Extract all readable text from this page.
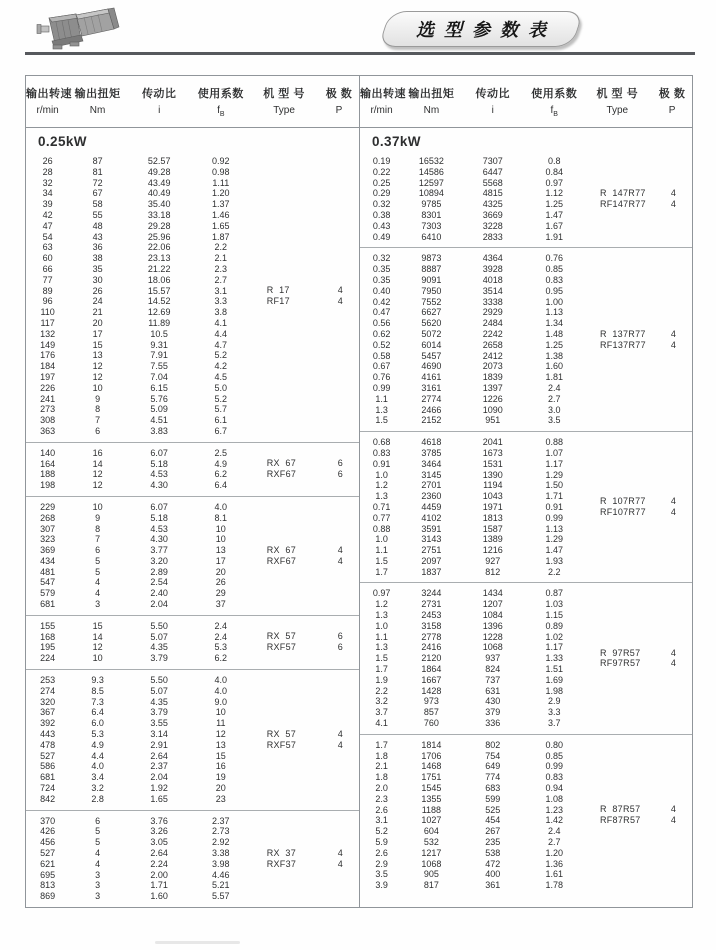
选型参数表
输出转速 输出扭矩	传动比	使用系数	机 型 号	极 数
r/min	Nm	i	$f_B$	Type	P
输出转速 输出扭矩	传动比	使用系数	机 型 号	极 数
r/min	Nm	i	$f_B$	Type	P
0.25kW
26	87	52.57	0.92
28	81	49.28	0.98
32	72	43.49	1.11
34	67	40.49	1.20
39	58	35.40	1.37
42	55	33.18	1.46
47	48	29.28	1.65
54	43	25.96	1.87
63	36	22.06	2.2
60	38	23.13	2.1
66	35	21.22	2.3
77	30	18.06	2.7
89	26	15.57	3.1
96	24	14.52	3.3
110	21	12.69	3.8
117	20	11.89	4.1
132	17	10.5	4.4
149	15	9.31	4.7
176	13	7.91	5.2
184	12	7.55	4.2
197	12	7.04	4.5
226	10	6.15	5.0
241	9	5.76	5.2
273	8	5.09	5.7
308	7	4.51	6.1
363	6	3.83	6.7
R  17	4
RF17	4
140	16	6.07	2.5
164	14	5.18	4.9
188	12	4.53	6.2
198	12	4.30	6.4
RX  67	6
RXF67	6
229	10	6.07	4.0
268	9	5.18	8.1
307	8	4.53	10
323	7	4.30	10
369	6	3.77	13
434	5	3.20	17
481	5	2.89	20
547	4	2.54	26
579	4	2.40	29
681	3	2.04	37
RX  67	4
RXF67	4
155	15	5.50	2.4
168	14	5.07	2.4
195	12	4.35	5.3
224	10	3.79	6.2
RX  57	6
RXF57	6
253	9.3	5.50	4.0
274	8.5	5.07	4.0
320	7.3	4.35	9.0
367	6.4	3.79	10
392	6.0	3.55	11
443	5.3	3.14	12
478	4.9	2.91	13
527	4.4	2.64	15
586	4.0	2.37	16
681	3.4	2.04	19
724	3.2	1.92	20
842	2.8	1.65	23
RX  57	4
RXF57	4
370	6	3.76	2.37
426	5	3.26	2.73
456	5	3.05	2.92
527	4	2.64	3.38
621	4	2.24	3.98
695	3	2.00	4.46
813	3	1.71	5.21
869	3	1.60	5.57
RX  37	4
RXF37	4
0.37kW
0.19	16532	7307	0.8
0.22	14586	6447	0.84
0.25	12597	5568	0.97
0.29	10894	4815	1.12
0.32	9785	4325	1.25
0.38	8301	3669	1.47
0.43	7303	3228	1.67
0.49	6410	2833	1.91
R  147R77	4
RF147R77	4
0.32	9873	4364	0.76
0.35	8887	3928	0.85
0.35	9091	4018	0.83
0.40	7950	3514	0.95
0.42	7552	3338	1.00
0.47	6627	2929	1.13
0.56	5620	2484	1.34
0.62	5072	2242	1.48
0.52	6014	2658	1.25
0.58	5457	2412	1.38
0.67	4690	2073	1.60
0.76	4161	1839	1.81
0.99	3161	1397	2.4
1.1	2774	1226	2.7
1.3	2466	1090	3.0
1.5	2152	951	3.5
R  137R77	4
RF137R77	4
0.68	4618	2041	0.88
0.83	3785	1673	1.07
0.91	3464	1531	1.17
1.0	3145	1390	1.29
1.2	2701	1194	1.50
1.3	2360	1043	1.71
0.71	4459	1971	0.91
0.77	4102	1813	0.99
0.88	3591	1587	1.13
1.0	3143	1389	1.29
1.1	2751	1216	1.47
1.5	2097	927	1.93
1.7	1837	812	2.2
R  107R77	4
RF107R77	4
0.97	3244	1434	0.87
1.2	2731	1207	1.03
1.3	2453	1084	1.15
1.0	3158	1396	0.89
1.1	2778	1228	1.02
1.3	2416	1068	1.17
1.5	2120	937	1.33
1.7	1864	824	1.51
1.9	1667	737	1.69
2.2	1428	631	1.98
3.2	973	430	2.9
3.7	857	379	3.3
4.1	760	336	3.7
R  97R57	4
RF97R57	4
1.7	1814	802	0.80
1.8	1706	754	0.85
2.1	1468	649	0.99
1.8	1751	774	0.83
2.0	1545	683	0.94
2.3	1355	599	1.08
2.6	1188	525	1.23
3.1	1027	454	1.42
5.2	604	267	2.4
5.9	532	235	2.7
2.6	1217	538	1.20
2.9	1068	472	1.36
3.5	905	400	1.61
3.9	817	361	1.78
R  87R57	4
RF87R57	4
